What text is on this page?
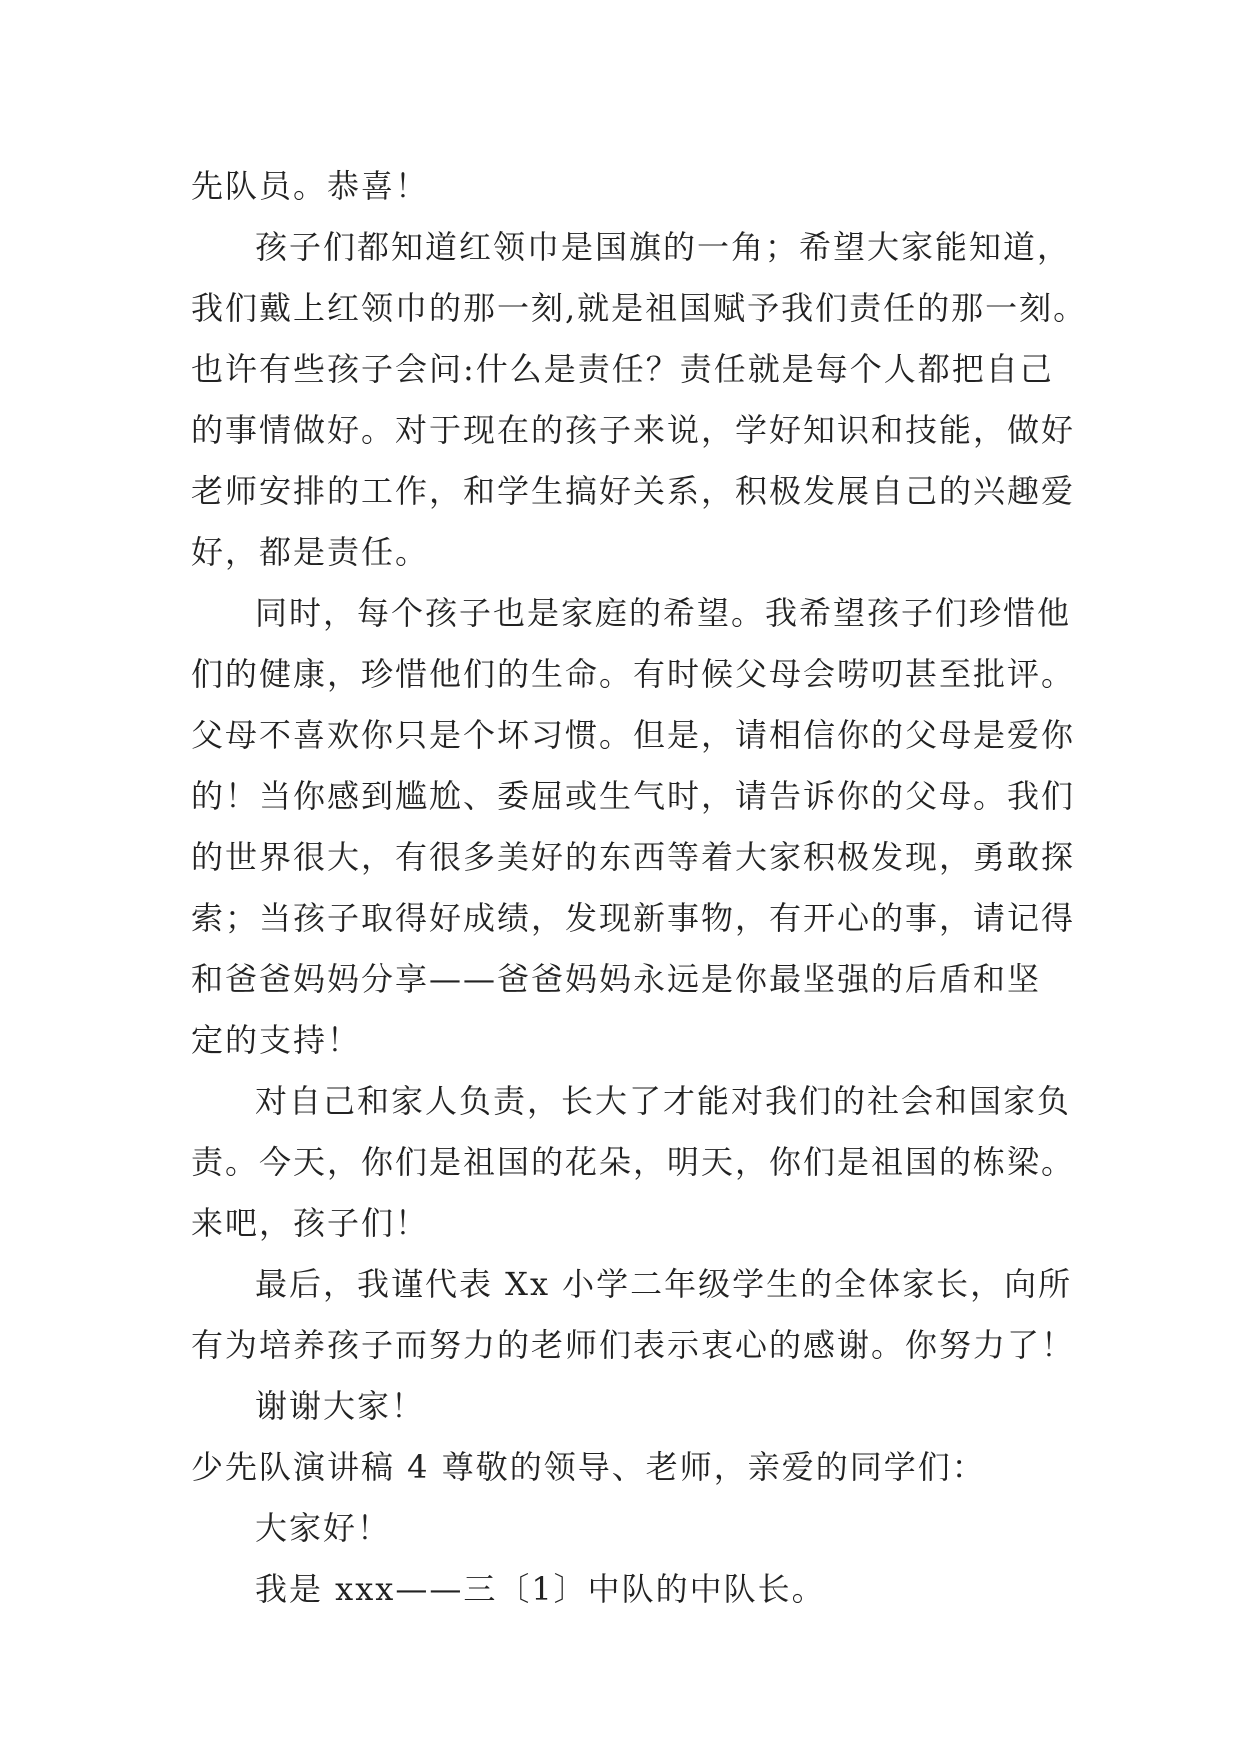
先队员。恭喜！
孩子们都知道红领巾是国旗的一角；希望大家能知道，
我们戴上红领巾的那一刻,就是祖国赋予我们责任的那一刻。
也许有些孩子会问:什么是责任？责任就是每个人都把自己
的事情做好。对于现在的孩子来说，学好知识和技能，做好
老师安排的工作，和学生搞好关系，积极发展自己的兴趣爱
好，都是责任。
同时，每个孩子也是家庭的希望。我希望孩子们珍惜他
们的健康，珍惜他们的生命。有时候父母会唠叨甚至批评。
父母不喜欢你只是个坏习惯。但是，请相信你的父母是爱你
的！当你感到尴尬、委屈或生气时，请告诉你的父母。我们
的世界很大，有很多美好的东西等着大家积极发现，勇敢探
索；当孩子取得好成绩，发现新事物，有开心的事，请记得
和爸爸妈妈分享——爸爸妈妈永远是你最坚强的后盾和坚
定的支持！
对自己和家人负责，长大了才能对我们的社会和国家负
责。今天，你们是祖国的花朵，明天，你们是祖国的栋梁。
来吧，孩子们！
最后，我谨代表 Xx 小学二年级学生的全体家长，向所
有为培养孩子而努力的老师们表示衷心的感谢。你努力了！
谢谢大家！
少先队演讲稿 4 尊敬的领导、老师，亲爱的同学们：
大家好！
我是 xxx——三〔1〕中队的中队长。
